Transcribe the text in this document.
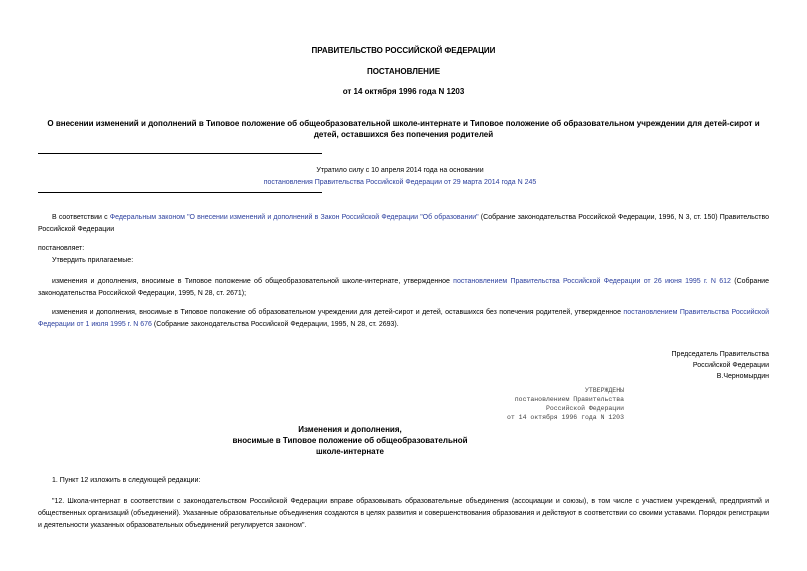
ПРАВИТЕЛЬСТВО РОССИЙСКОЙ ФЕДЕРАЦИИ
ПОСТАНОВЛЕНИЕ
от 14 октября 1996 года N 1203
О внесении изменений и дополнений в Типовое положение об общеобразовательной школе-интернате и Типовое положение об образовательном учреждении для детей-сирот и детей, оставшихся без попечения родителей
Утратило силу с 10 апреля 2014 года на основании
постановления Правительства Российской Федерации от 29 марта 2014 года N 245
В соответствии с Федеральным законом "О внесении изменений и дополнений в Закон Российской Федерации "Об образовании" (Собрание законодательства Российской Федерации, 1996, N 3, ст. 150) Правительство Российской Федерации
постановляет:
Утвердить прилагаемые:
изменения и дополнения, вносимые в Типовое положение об общеобразовательной школе-интернате, утвержденное постановлением Правительства Российской Федерации от 26 июня 1995 г. N 612 (Собрание законодательства Российской Федерации, 1995, N 28, ст. 2671);
изменения и дополнения, вносимые в Типовое положение об образовательном учреждении для детей-сирот и детей, оставшихся без попечения родителей, утвержденное постановлением Правительства Российской Федерации от 1 июля 1995 г. N 676 (Собрание законодательства Российской Федерации, 1995, N 28, ст. 2693).
Председатель Правительства
Российской Федерации
В.Черномырдин
УТВЕРЖДЕНЫ
постановлением Правительства
Российской Федерации
от 14 октября 1996 года N 1203
Изменения и дополнения,
вносимые в Типовое положение об общеобразовательной
школе-интернате
1. Пункт 12 изложить в следующей редакции:
"12. Школа-интернат в соответствии с законодательством Российской Федерации вправе образовывать образовательные объединения (ассоциации и союзы), в том числе с участием учреждений, предприятий и общественных организаций (объединений). Указанные образовательные объединения создаются в целях развития и совершенствования образования и действуют в соответствии со своими уставами. Порядок регистрации и деятельности указанных образовательных объединений регулируется законом".
